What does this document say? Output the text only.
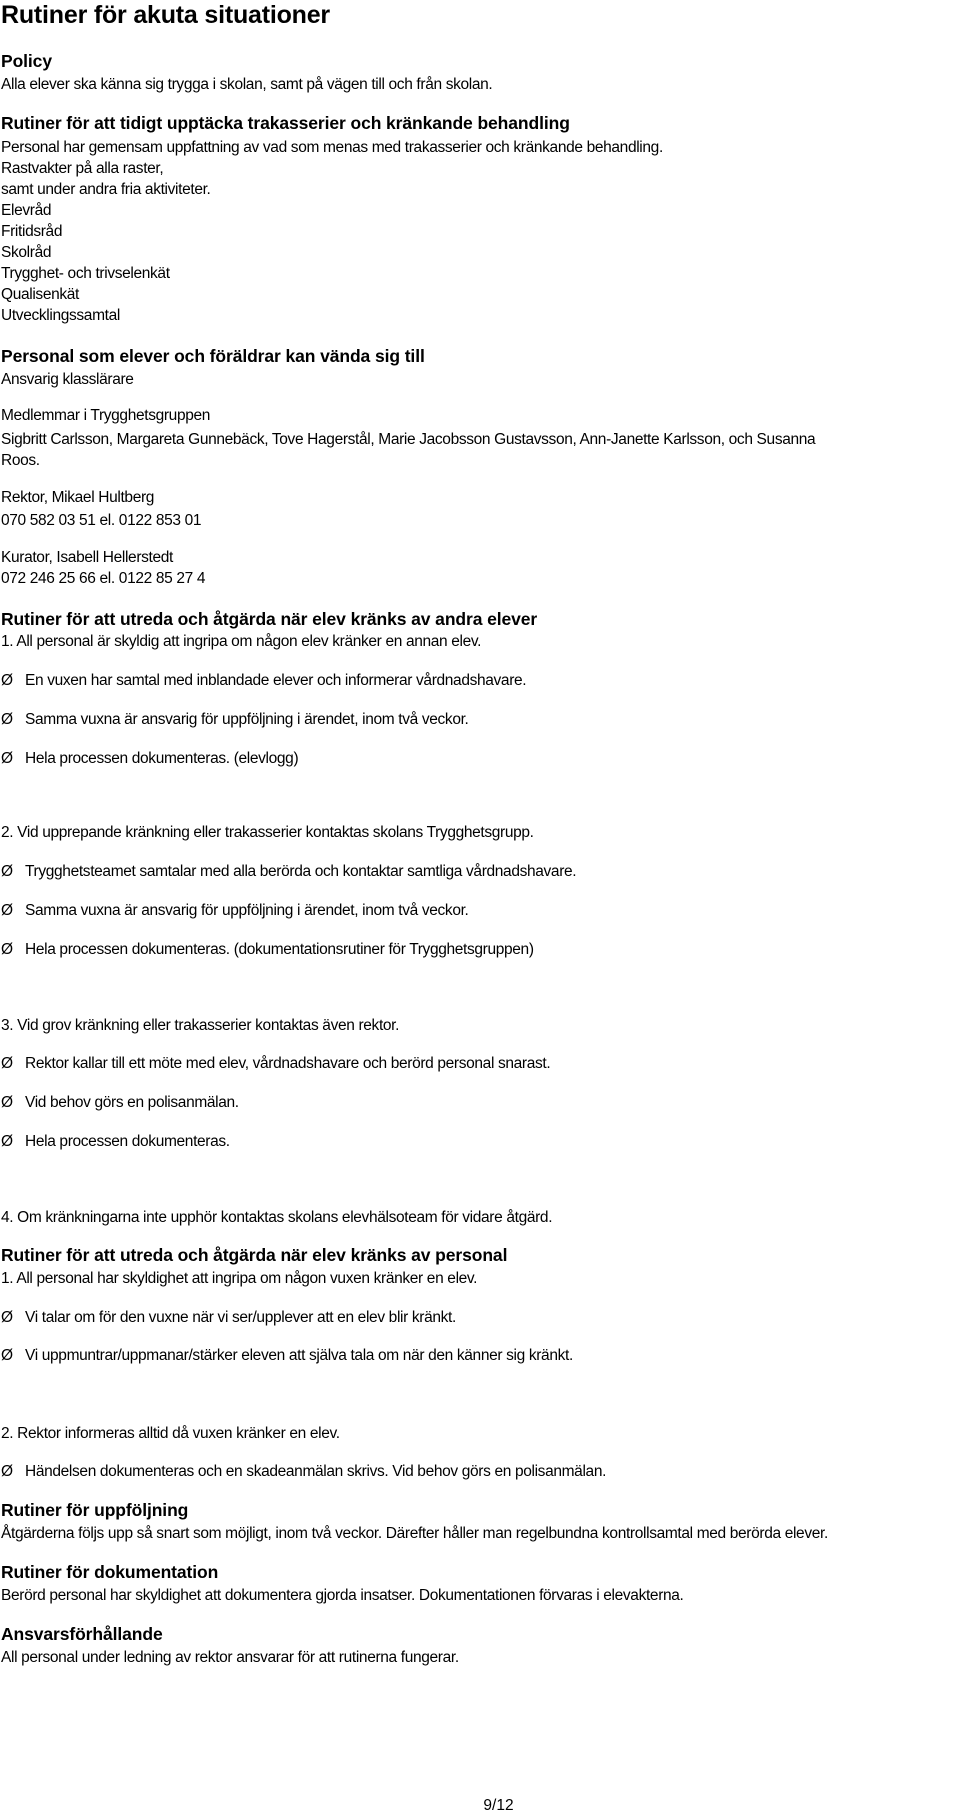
Rutiner för akuta situationer
Policy
Alla elever ska känna sig trygga i skolan, samt på vägen till och från skolan.
Rutiner för att tidigt upptäcka trakasserier och kränkande behandling
Personal har gemensam uppfattning av vad som menas med trakasserier och kränkande behandling.
Rastvakter på alla raster,
samt under andra fria aktiviteter.
Elevråd
Fritidsråd
Skolråd
Trygghet- och trivselenkät
Qualisenkät
Utvecklingssamtal
Personal som elever och föräldrar kan vända sig till
Ansvarig klasslärare
Medlemmar i Trygghetsgruppen
Sigbritt Carlsson, Margareta Gunnebäck, Tove Hagerstål, Marie Jacobsson Gustavsson, Ann-Janette Karlsson, och Susanna
Roos.
Rektor, Mikael Hultberg
070 582 03 51 el. 0122 853 01
Kurator, Isabell Hellerstedt
072 246 25 66 el. 0122 85 27 4
Rutiner för att utreda och åtgärda när elev kränks av andra elever
1. All personal är skyldig att ingripa om någon elev kränker en annan elev.
Ø En vuxen har samtal med inblandade elever och informerar vårdnadshavare.
Ø Samma vuxna är ansvarig för uppföljning i ärendet, inom två veckor.
Ø Hela processen dokumenteras. (elevlogg)
2. Vid upprepande kränkning eller trakasserier kontaktas skolans Trygghetsgrupp.
Ø Trygghetsteamet samtalar med alla berörda och kontaktar samtliga vårdnadshavare.
Ø Samma vuxna är ansvarig för uppföljning i ärendet, inom två veckor.
Ø Hela processen dokumenteras. (dokumentationsrutiner för Trygghetsgruppen)
3. Vid grov kränkning eller trakasserier kontaktas även rektor.
Ø Rektor kallar till ett möte med elev, vårdnadshavare och berörd personal snarast.
Ø Vid behov görs en polisanmälan.
Ø Hela processen dokumenteras.
4. Om kränkningarna inte upphör kontaktas skolans elevhälsoteam för vidare åtgärd.
Rutiner för att utreda och åtgärda när elev kränks av personal
1. All personal har skyldighet att ingripa om någon vuxen kränker en elev.
Ø Vi talar om för den vuxne när vi ser/upplever att en elev blir kränkt.
Ø Vi uppmuntrar/uppmanar/stärker eleven att själva tala om när den känner sig kränkt.
2. Rektor informeras alltid då vuxen kränker en elev.
Ø Händelsen dokumenteras och en skadeanmälan skrivs. Vid behov görs en polisanmälan.
Rutiner för uppföljning
Åtgärderna följs upp så snart som möjligt, inom två veckor. Därefter håller man regelbundna kontrollsamtal med berörda elever.
Rutiner för dokumentation
Berörd personal har skyldighet att dokumentera gjorda insatser. Dokumentationen förvaras i elevakterna.
Ansvarsförhållande
All personal under ledning av rektor ansvarar för att rutinerna fungerar.
9/12
